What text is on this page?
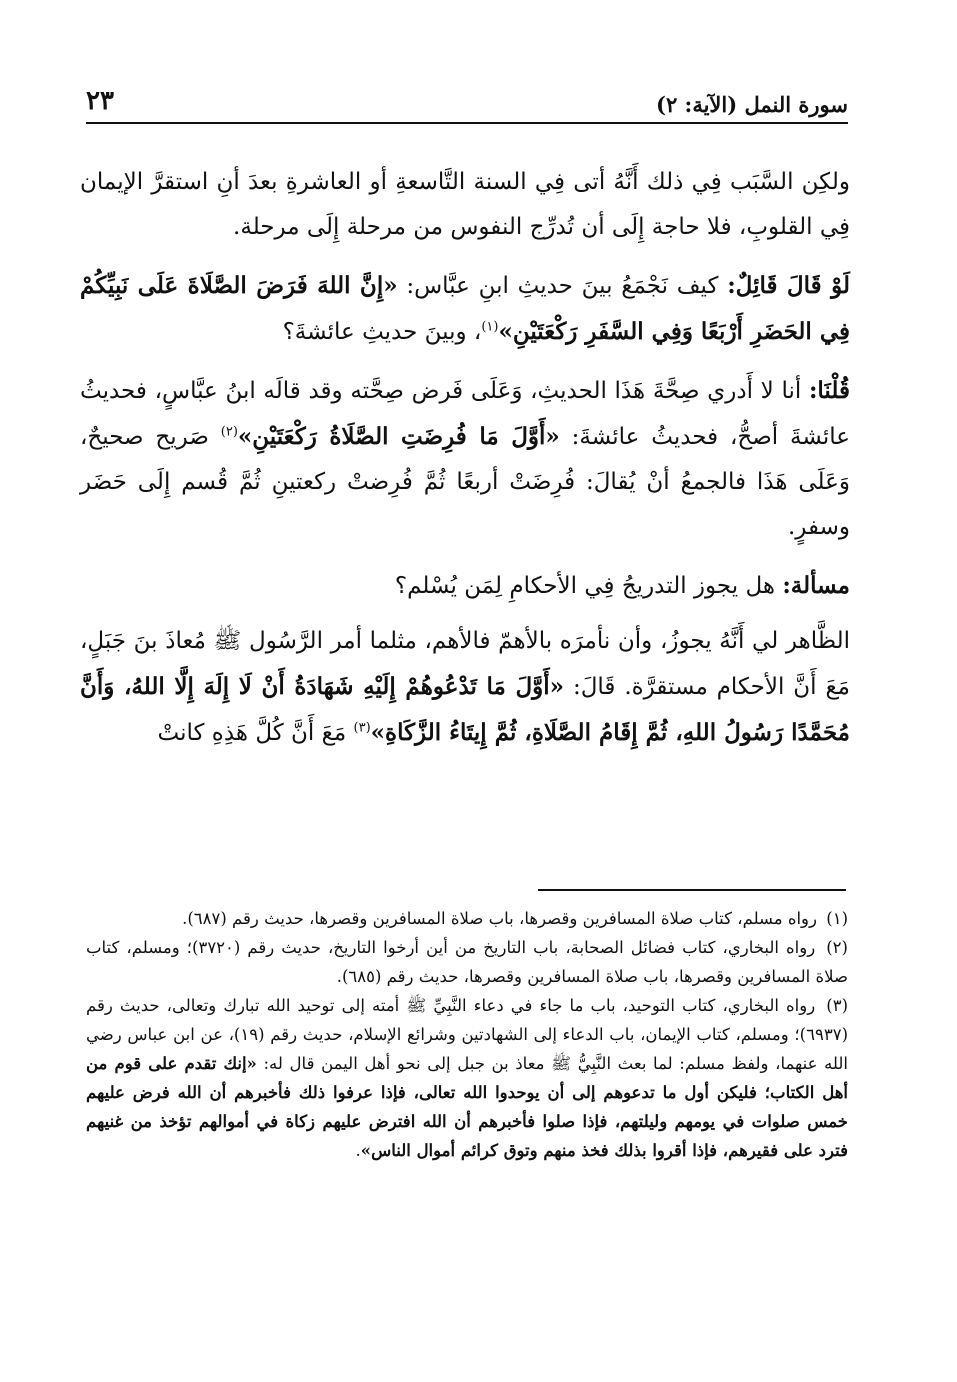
سورة النمل (الآية: ٢)
٢٣

ولكِن السَّبَب فِي ذلك أَنَّهُ أتى فِي السنة التَّاسعةِ أو العاشرةِ بعدَ أنِ استقرَّ الإيمان فِي القلوبِ، فلا حاجة إِلَى أن تُدرِّج النفوس من مرحلة إِلَى مرحلة.

لَوْ قَالَ قَائِلٌ: كيف نَجْمَعُ بينَ حديثِ ابنِ عبَّاس: «إِنَّ اللهَ فَرَضَ الصَّلَاةَ عَلَى نَبِيِّكُمْ فِي الحَضَرِ أَرْبَعًا وَفِي السَّفَرِ رَكْعَتَيْنِ»$^{(١)}$، وبينَ حديثِ عائشةَ؟

قُلْنَا: أنا لا أَدري صِحَّةَ هَذَا الحديثِ، وَعَلَى فَرض صِحَّته وقد قالَه ابنُ عبَّاسٍ، فحديثُ عائشةَ أصحُّ، فحديثُ عائشةَ: «أَوَّلَ مَا فُرِضَتِ الصَّلَاةُ رَكْعَتَيْنِ»$^{(٢)}$ صَريح صحيحٌ، وَعَلَى هَذَا فالجمعُ أنْ يُقالَ: فُرِضَتْ أربعًا ثُمَّ فُرِضتْ ركعتينِ ثُمَّ قُسم إِلَى حَضَر وسفرٍ.

مسألة: هل يجوز التدريجُ فِي الأحكامِ لِمَن يُسْلم؟

الظَّاهر لي أَنَّهُ يجوزُ، وأن نأمرَه بالأهمّ فالأهم، مثلما أمر الرَّسُول ﷺ مُعاذَ بنَ جَبَلٍ، مَعَ أَنَّ الأحكام مستقرَّة. قَالَ: «أَوَّلَ مَا تَدْعُوهُمْ إِلَيْهِ شَهَادَةُ أَنْ لَا إِلَهَ إِلَّا اللهُ، وَأَنَّ مُحَمَّدًا رَسُولُ اللهِ، ثُمَّ إِقَامُ الصَّلَاةِ، ثُمَّ إِيتَاءُ الزَّكَاةِ»$^{(٣)}$ مَعَ أَنَّ كُلَّ هَذِهِ كانتْ

(١) رواه مسلم، كتاب صلاة المسافرين وقصرها، باب صلاة المسافرين وقصرها، حديث رقم (٦٨٧).

(٢) رواه البخاري، كتاب فضائل الصحابة، باب التاريخ من أين أرخوا التاريخ، حديث رقم (٣٧٢٠)؛ ومسلم، كتاب صلاة المسافرين وقصرها، باب صلاة المسافرين وقصرها، حديث رقم (٦٨٥).

(٣) رواه البخاري، كتاب التوحيد، باب ما جاء في دعاء النَّبِيِّ ﷺ أمته إلى توحيد الله تبارك وتعالى، حديث رقم (٦٩٣٧)؛ ومسلم، كتاب الإيمان، باب الدعاء إلى الشهادتين وشرائع الإسلام، حديث رقم (١٩)، عن ابن عباس رضي الله عنهما، ولفظ مسلم: لما بعث النَّبِيُّ ﷺ معاذ بن جبل إلى نحو أهل اليمن قال له: «إنك تقدم على قوم من أهل الكتاب؛ فليكن أول ما تدعوهم إلى أن يوحدوا الله تعالى، فإذا عرفوا ذلك فأخبرهم أن الله فرض عليهم خمس صلوات في يومهم وليلتهم، فإذا صلوا فأخبرهم أن الله افترض عليهم زكاة في أموالهم تؤخذ من غنيهم فترد على فقيرهم، فإذا أقروا بذلك فخذ منهم وتوق كرائم أموال الناس».
